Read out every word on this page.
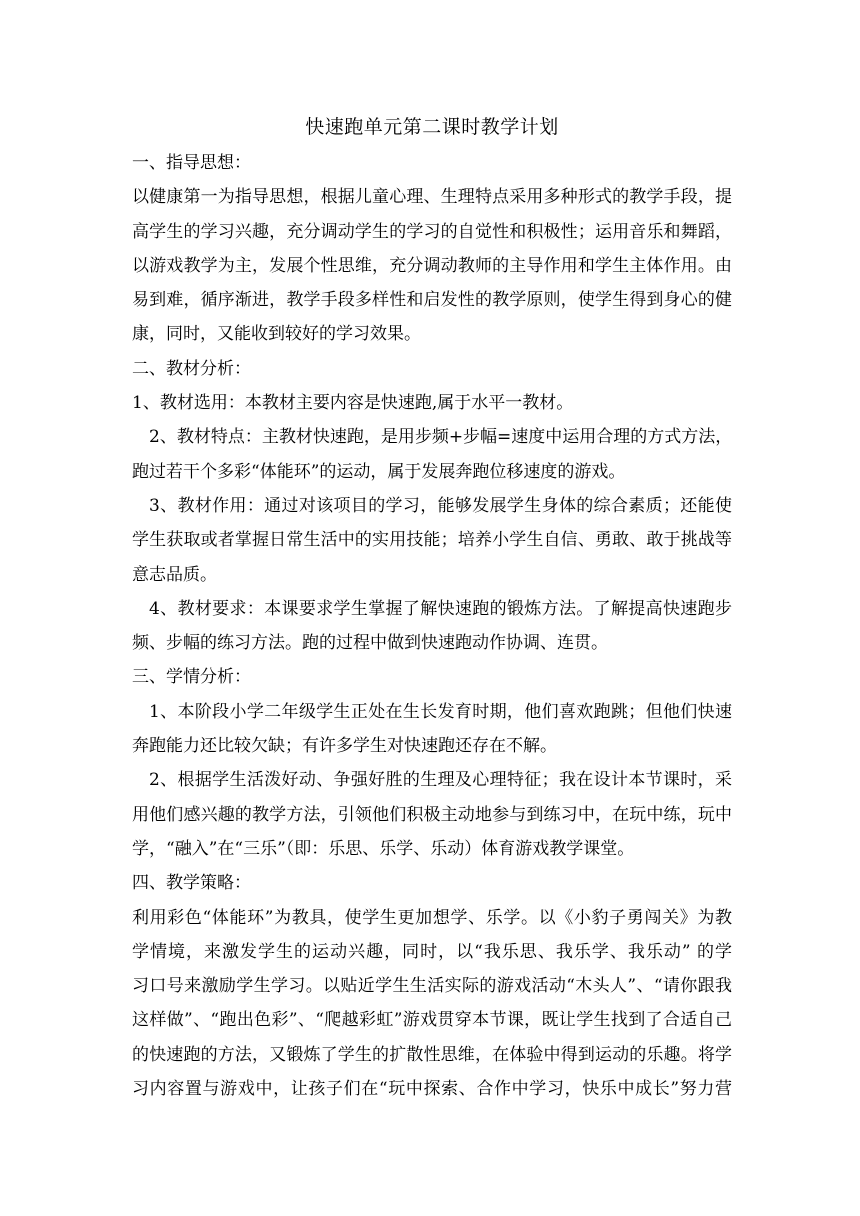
快速跑单元第二课时教学计划

一、指导思想：

以健康第一为指导思想，根据儿童心理、生理特点采用多种形式的教学手段，提

高学生的学习兴趣，充分调动学生的学习的自觉性和积极性；运用音乐和舞蹈，

以游戏教学为主，发展个性思维，充分调动教师的主导作用和学生主体作用。由

易到难，循序渐进，教学手段多样性和启发性的教学原则，使学生得到身心的健

康，同时，又能收到较好的学习效果。

二、教材分析：

1、教材选用：本教材主要内容是快速跑,属于水平一教材。

2、教材特点：主教材快速跑，是用步频+步幅=速度中运用合理的方式方法，

跑过若干个多彩“体能环”的运动，属于发展奔跑位移速度的游戏。

3、教材作用：通过对该项目的学习，能够发展学生身体的综合素质；还能使

学生获取或者掌握日常生活中的实用技能；培养小学生自信、勇敢、敢于挑战等

意志品质。

4、教材要求：本课要求学生掌握了解快速跑的锻炼方法。了解提高快速跑步

频、步幅的练习方法。跑的过程中做到快速跑动作协调、连贯。

三、学情分析：

1、本阶段小学二年级学生正处在生长发育时期，他们喜欢跑跳；但他们快速

奔跑能力还比较欠缺；有许多学生对快速跑还存在不解。

2、根据学生活泼好动、争强好胜的生理及心理特征；我在设计本节课时，采

用他们感兴趣的教学方法，引领他们积极主动地参与到练习中，在玩中练，玩中

学，“融入”在“三乐”（即：乐思、乐学、乐动）体育游戏教学课堂。

四、教学策略：

利用彩色“体能环”为教具，使学生更加想学、乐学。以《小豹子勇闯关》为教

学情境，来激发学生的运动兴趣，同时，以“我乐思、我乐学、我乐动” 的学

习口号来激励学生学习。以贴近学生生活实际的游戏活动“木头人”、“请你跟我

这样做”、“跑出色彩”、“爬越彩虹”游戏贯穿本节课，既让学生找到了合适自己

的快速跑的方法，又锻炼了学生的扩散性思维，在体验中得到运动的乐趣。将学

习内容置与游戏中，让孩子们在“玩中探索、合作中学习，快乐中成长”努力营
